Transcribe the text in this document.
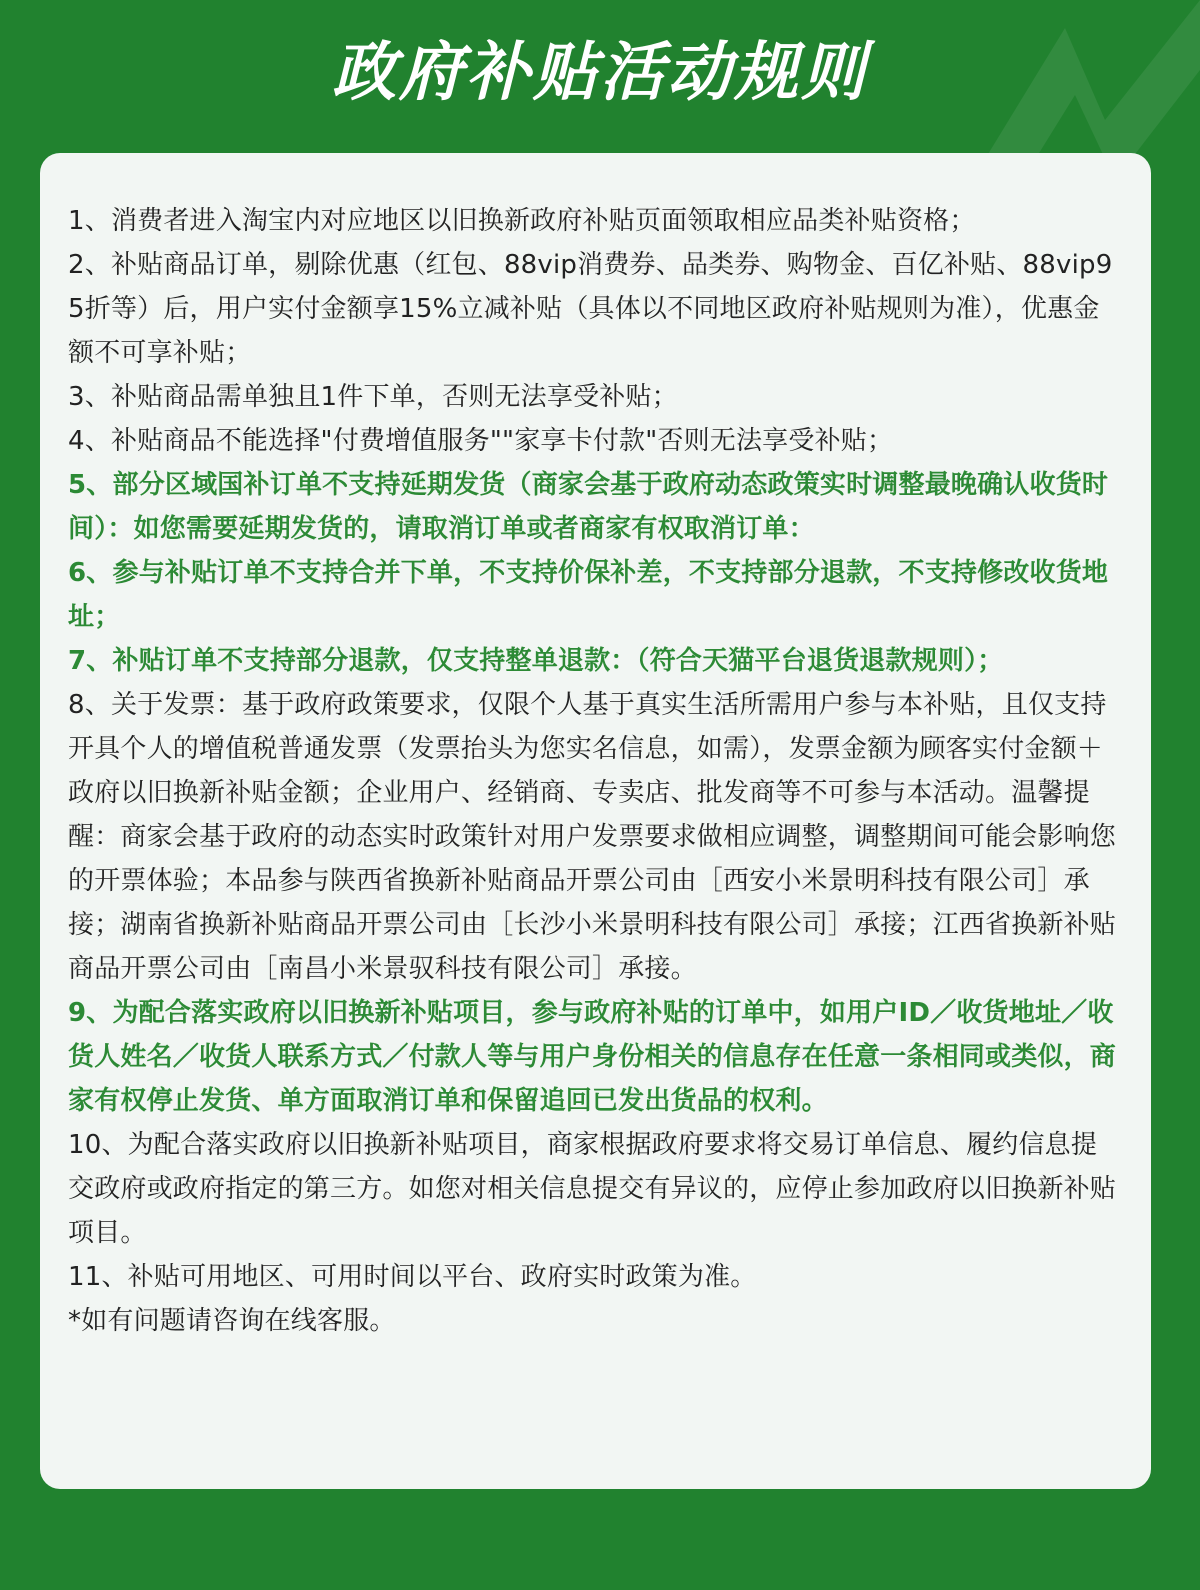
政府补贴活动规则
1、消费者进入淘宝内对应地区以旧换新政府补贴页面领取相应品类补贴资格；
2、补贴商品订单，剔除优惠（红包、88vip消费券、品类券、购物金、百亿补贴、88vip95折等）后，用户实付金额享15%立减补贴（具体以不同地区政府补贴规则为准），优惠金额不可享补贴；
3、补贴商品需单独且1件下单，否则无法享受补贴；
4、补贴商品不能选择"付费增值服务""家享卡付款"否则无法享受补贴；
5、部分区域国补订单不支持延期发货（商家会基于政府动态政策实时调整最晚确认收货时间）：如您需要延期发货的，请取消订单或者商家有权取消订单：
6、参与补贴订单不支持合并下单，不支持价保补差，不支持部分退款，不支持修改收货地址；
7、补贴订单不支持部分退款，仅支持整单退款：（符合天猫平台退货退款规则）；
8、关于发票：基于政府政策要求，仅限个人基于真实生活所需用户参与本补贴，且仅支持开具个人的增值税普通发票（发票抬头为您实名信息，如需），发票金额为顾客实付金额＋政府以旧换新补贴金额；企业用户、经销商、专卖店、批发商等不可参与本活动。温馨提醒：商家会基于政府的动态实时政策针对用户发票要求做相应调整，调整期间可能会影响您的开票体验；本品参与陕西省换新补贴商品开票公司由［西安小米景明科技有限公司］承接；湖南省换新补贴商品开票公司由［长沙小米景明科技有限公司］承接；江西省换新补贴商品开票公司由［南昌小米景驭科技有限公司］承接。
9、为配合落实政府以旧换新补贴项目，参与政府补贴的订单中，如用户ID／收货地址／收货人姓名／收货人联系方式／付款人等与用户身份相关的信息存在任意一条相同或类似，商家有权停止发货、单方面取消订单和保留追回已发出货品的权利。
10、为配合落实政府以旧换新补贴项目，商家根据政府要求将交易订单信息、履约信息提交政府或政府指定的第三方。如您对相关信息提交有异议的，应停止参加政府以旧换新补贴项目。
11、补贴可用地区、可用时间以平台、政府实时政策为准。
*如有问题请咨询在线客服。
